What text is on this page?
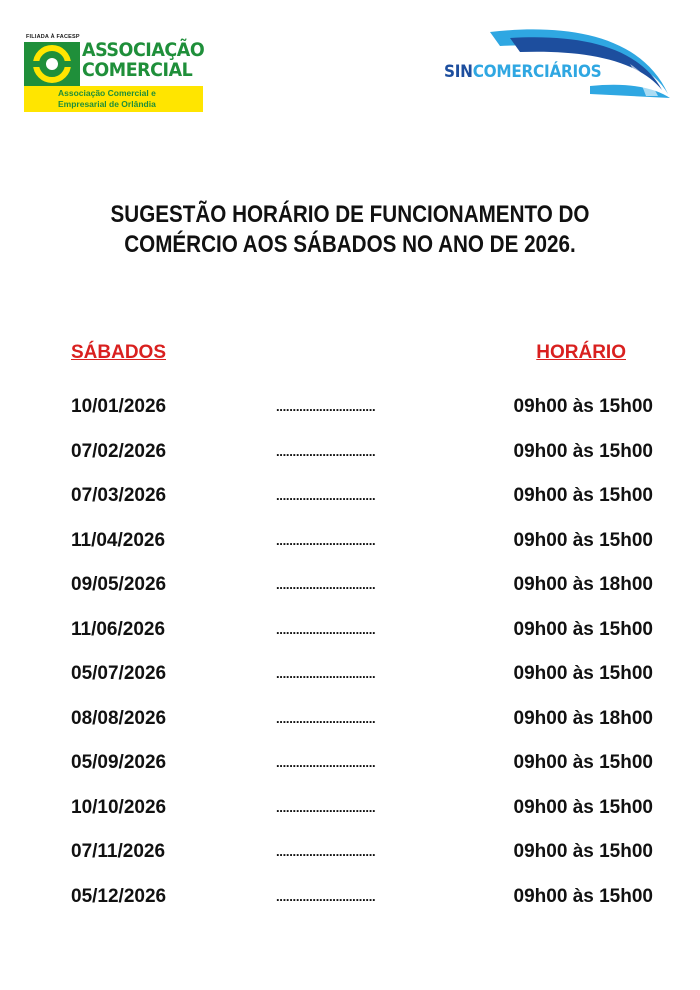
FILIADA À FACESP
ASSOCIAÇÃO
COMERCIAL
Associação Comercial e
Empresarial de Orlândia
SINCOMERCIÁRIOS
SUGESTÃO HORÁRIO DE FUNCIONAMENTO DO
COMÉRCIO AOS SÁBADOS NO ANO DE 2026.
SÁBADOS	HORÁRIO
10/01/2026	..............................	09h00 às 15h00
07/02/2026	..............................	09h00 às 15h00
07/03/2026	..............................	09h00 às 15h00
11/04/2026	..............................	09h00 às 15h00
09/05/2026	..............................	09h00 às 18h00
11/06/2026	..............................	09h00 às 15h00
05/07/2026	..............................	09h00 às 15h00
08/08/2026	..............................	09h00 às 18h00
05/09/2026	..............................	09h00 às 15h00
10/10/2026	..............................	09h00 às 15h00
07/11/2026	..............................	09h00 às 15h00
05/12/2026	..............................	09h00 às 15h00
